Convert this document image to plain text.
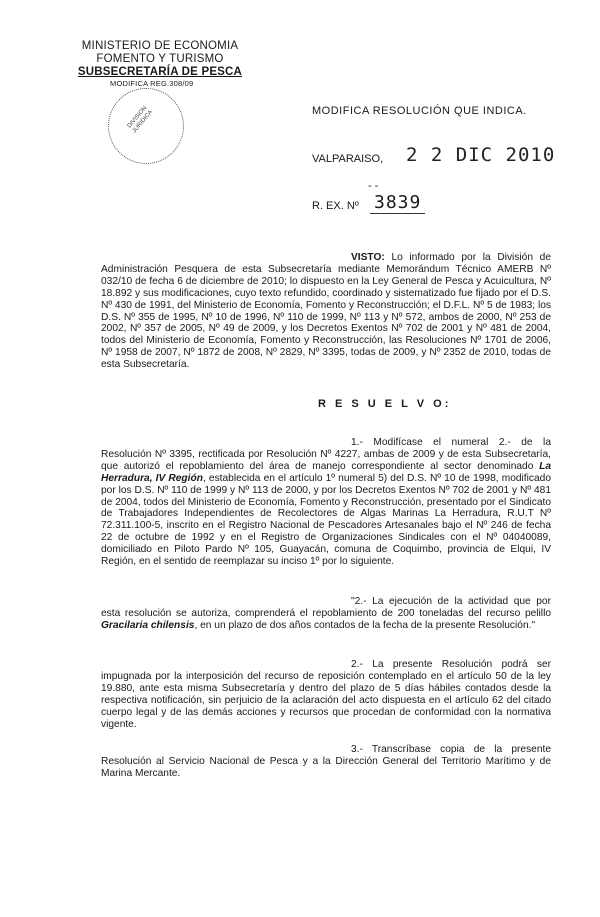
MINISTERIO DE ECONOMIA
FOMENTO Y TURISMO
SUBSECRETARÍA DE PESCA
MODIFICA REG.308/09
DIVISION JURIDICA	MODIFICA RESOLUCIÓN QUE INDICA.
VALPARAISO, 2 2 DIC 2010
--
R. EX. Nº 3839
VISTO: Lo informado por la División de Administración Pesquera de esta Subsecretaría mediante Memorándum Técnico AMERB Nº 032/10 de fecha 6 de diciembre de 2010; lo dispuesto en la Ley General de Pesca y Acuicultura, Nº 18.892 y sus modificaciones, cuyo texto refundido, coordinado y sistematizado fue fijado por el D.S. Nº 430 de 1991, del Ministerio de Economía, Fomento y Reconstrucción; el D.F.L. Nº 5 de 1983; los D.S. Nº 355 de 1995, Nº 10 de 1996, Nº 110 de 1999, Nº 113 y Nº 572, ambos de 2000, Nº 253 de 2002, Nº 357 de 2005, Nº 49 de 2009, y los Decretos Exentos Nº 702 de 2001 y Nº 481 de 2004, todos del Ministerio de Economía, Fomento y Reconstrucción, las Resoluciones Nº 1701 de 2006, Nº 1958 de 2007, Nº 1872 de 2008, Nº 2829, Nº 3395, todas de 2009, y Nº 2352 de 2010, todas de esta Subsecretaría.
R E S U E L V O:
1.- Modifícase el numeral 2.- de la Resolución Nº 3395, rectificada por Resolución Nº 4227, ambas de 2009 y de esta Subsecretaría, que autorizó el repoblamiento del área de manejo correspondiente al sector denominado La Herradura, IV Región, establecida en el artículo 1º numeral 5) del D.S. Nº 10 de 1998, modificado por los D.S. Nº 110 de 1999 y Nº 113 de 2000, y por los Decretos Exentos Nº 702 de 2001 y Nº 481 de 2004, todos del Ministerio de Economía, Fomento y Reconstrucción, presentado por el Sindicato de Trabajadores Independientes de Recolectores de Algas Marinas La Herradura, R.U.T Nº 72.311.100-5, inscrito en el Registro Nacional de Pescadores Artesanales bajo el Nº 246 de fecha 22 de octubre de 1992 y en el Registro de Organizaciones Sindicales con el Nº 04040089, domiciliado en Piloto Pardo Nº 105, Guayacán, comuna de Coquimbo, provincia de Elqui, IV Región, en el sentido de reemplazar su inciso 1º por lo siguiente.
"2.- La ejecución de la actividad que por esta resolución se autoriza, comprenderá el repoblamiento de 200 toneladas del recurso pelillo Gracilaria chilensis, en un plazo de dos años contados de la fecha de la presente Resolución."
2.- La presente Resolución podrá ser impugnada por la interposición del recurso de reposición contemplado en el artículo 50 de la ley 19.880, ante esta misma Subsecretaría y dentro del plazo de 5 días hábiles contados desde la respectiva notificación, sin perjuicio de la aclaración del acto dispuesta en el artículo 62 del citado cuerpo legal y de las demás acciones y recursos que procedan de conformidad con la normativa vigente.
3.- Transcríbase copia de la presente Resolución al Servicio Nacional de Pesca y a la Dirección General del Territorio Marítimo y de Marina Mercante.
